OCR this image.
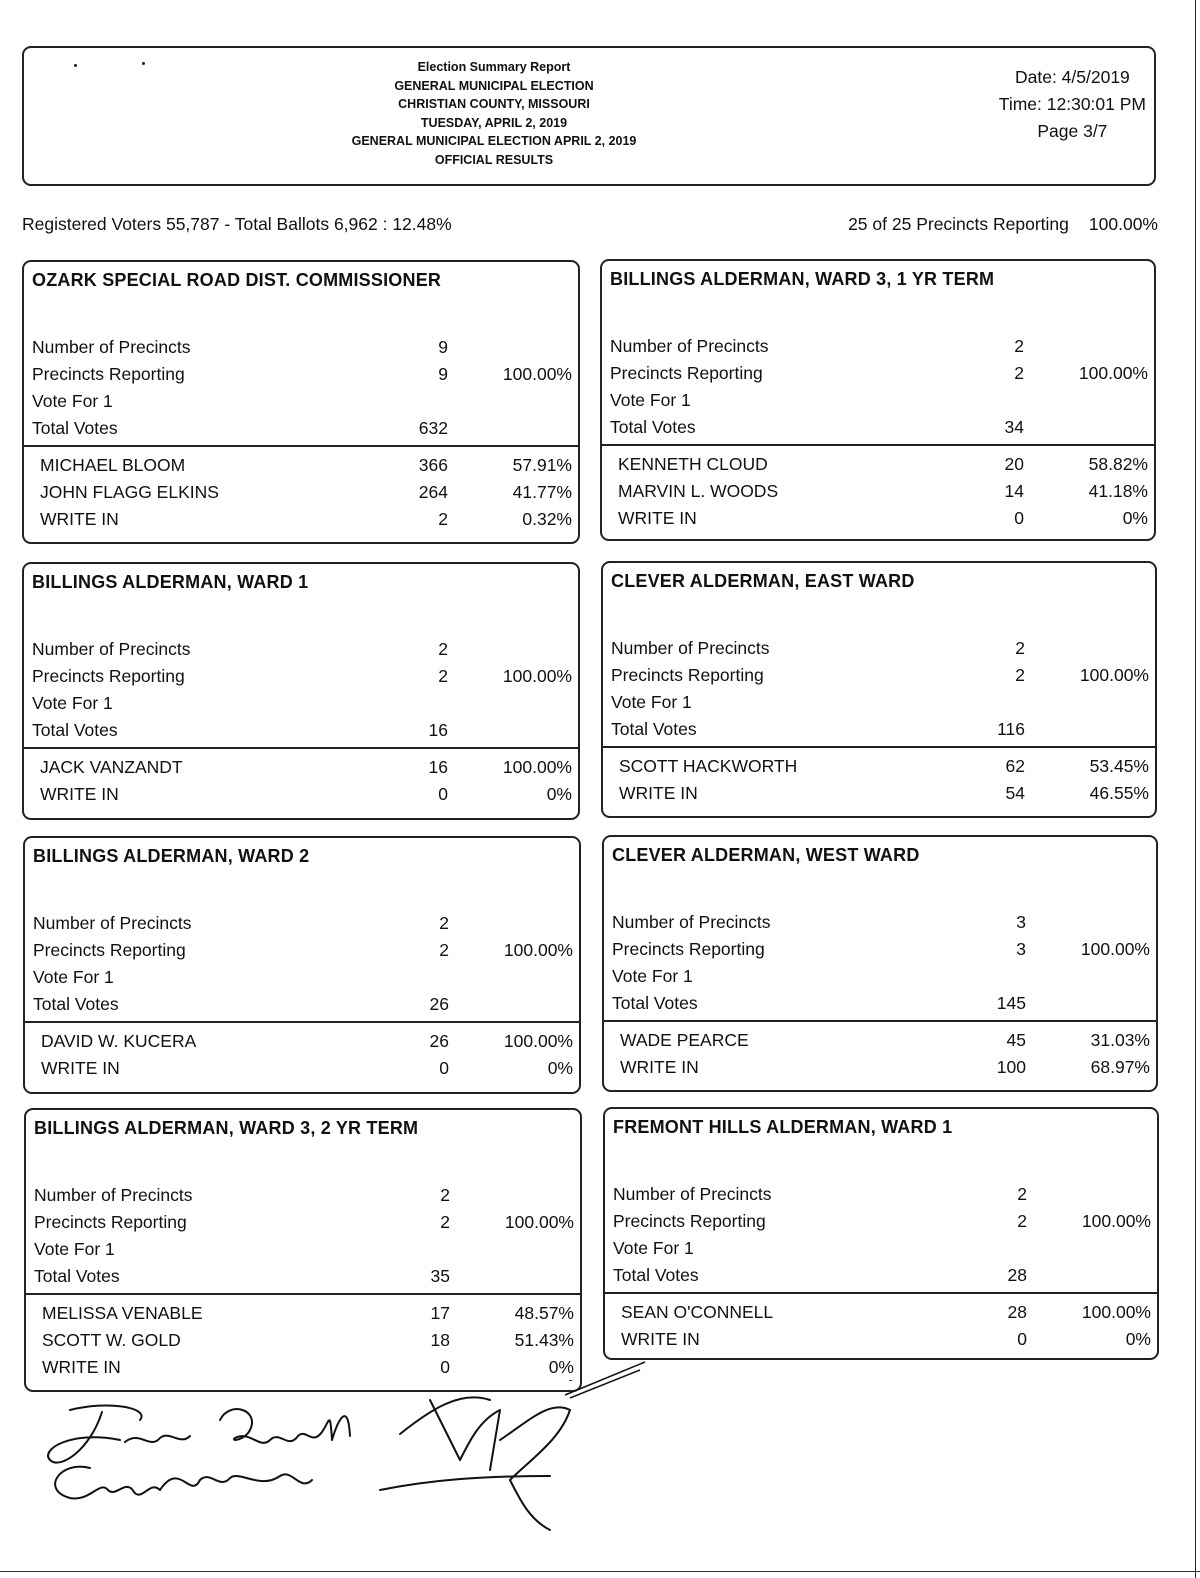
Election Summary Report
GENERAL MUNICIPAL ELECTION
CHRISTIAN COUNTY, MISSOURI
TUESDAY, APRIL 2, 2019
GENERAL MUNICIPAL ELECTION APRIL 2, 2019
OFFICIAL RESULTS
Date: 4/5/2019
Time: 12:30:01 PM
Page 3/7
Registered Voters 55,787 - Total Ballots 6,962 : 12.48%	25 of 25 Precincts Reporting 100.00%
OZARK SPECIAL ROAD DIST. COMMISSIONER
Number of Precincts	9
Precincts Reporting	9	100.00%
Vote For 1
Total Votes	632
MICHAEL BLOOM	366	57.91%
JOHN FLAGG ELKINS	264	41.77%
WRITE IN	2	0.32%
BILLINGS ALDERMAN, WARD 3, 1 YR TERM
Number of Precincts	2
Precincts Reporting	2	100.00%
Vote For 1
Total Votes	34
KENNETH CLOUD	20	58.82%
MARVIN L. WOODS	14	41.18%
WRITE IN	0	0%
BILLINGS ALDERMAN, WARD 1
Number of Precincts	2
Precincts Reporting	2	100.00%
Vote For 1
Total Votes	16
JACK VANZANDT	16	100.00%
WRITE IN	0	0%
CLEVER ALDERMAN, EAST WARD
Number of Precincts	2
Precincts Reporting	2	100.00%
Vote For 1
Total Votes	116
SCOTT HACKWORTH	62	53.45%
WRITE IN	54	46.55%
BILLINGS ALDERMAN, WARD 2
Number of Precincts	2
Precincts Reporting	2	100.00%
Vote For 1
Total Votes	26
DAVID W. KUCERA	26	100.00%
WRITE IN	0	0%
CLEVER ALDERMAN, WEST WARD
Number of Precincts	3
Precincts Reporting	3	100.00%
Vote For 1
Total Votes	145
WADE PEARCE	45	31.03%
WRITE IN	100	68.97%
BILLINGS ALDERMAN, WARD 3, 2 YR TERM
Number of Precincts	2
Precincts Reporting	2	100.00%
Vote For 1
Total Votes	35
MELISSA VENABLE	17	48.57%
SCOTT W. GOLD	18	51.43%
WRITE IN	0	0%
FREMONT HILLS ALDERMAN, WARD 1
Number of Precincts	2
Precincts Reporting	2	100.00%
Vote For 1
Total Votes	28
SEAN O'CONNELL	28	100.00%
WRITE IN	0	0%
